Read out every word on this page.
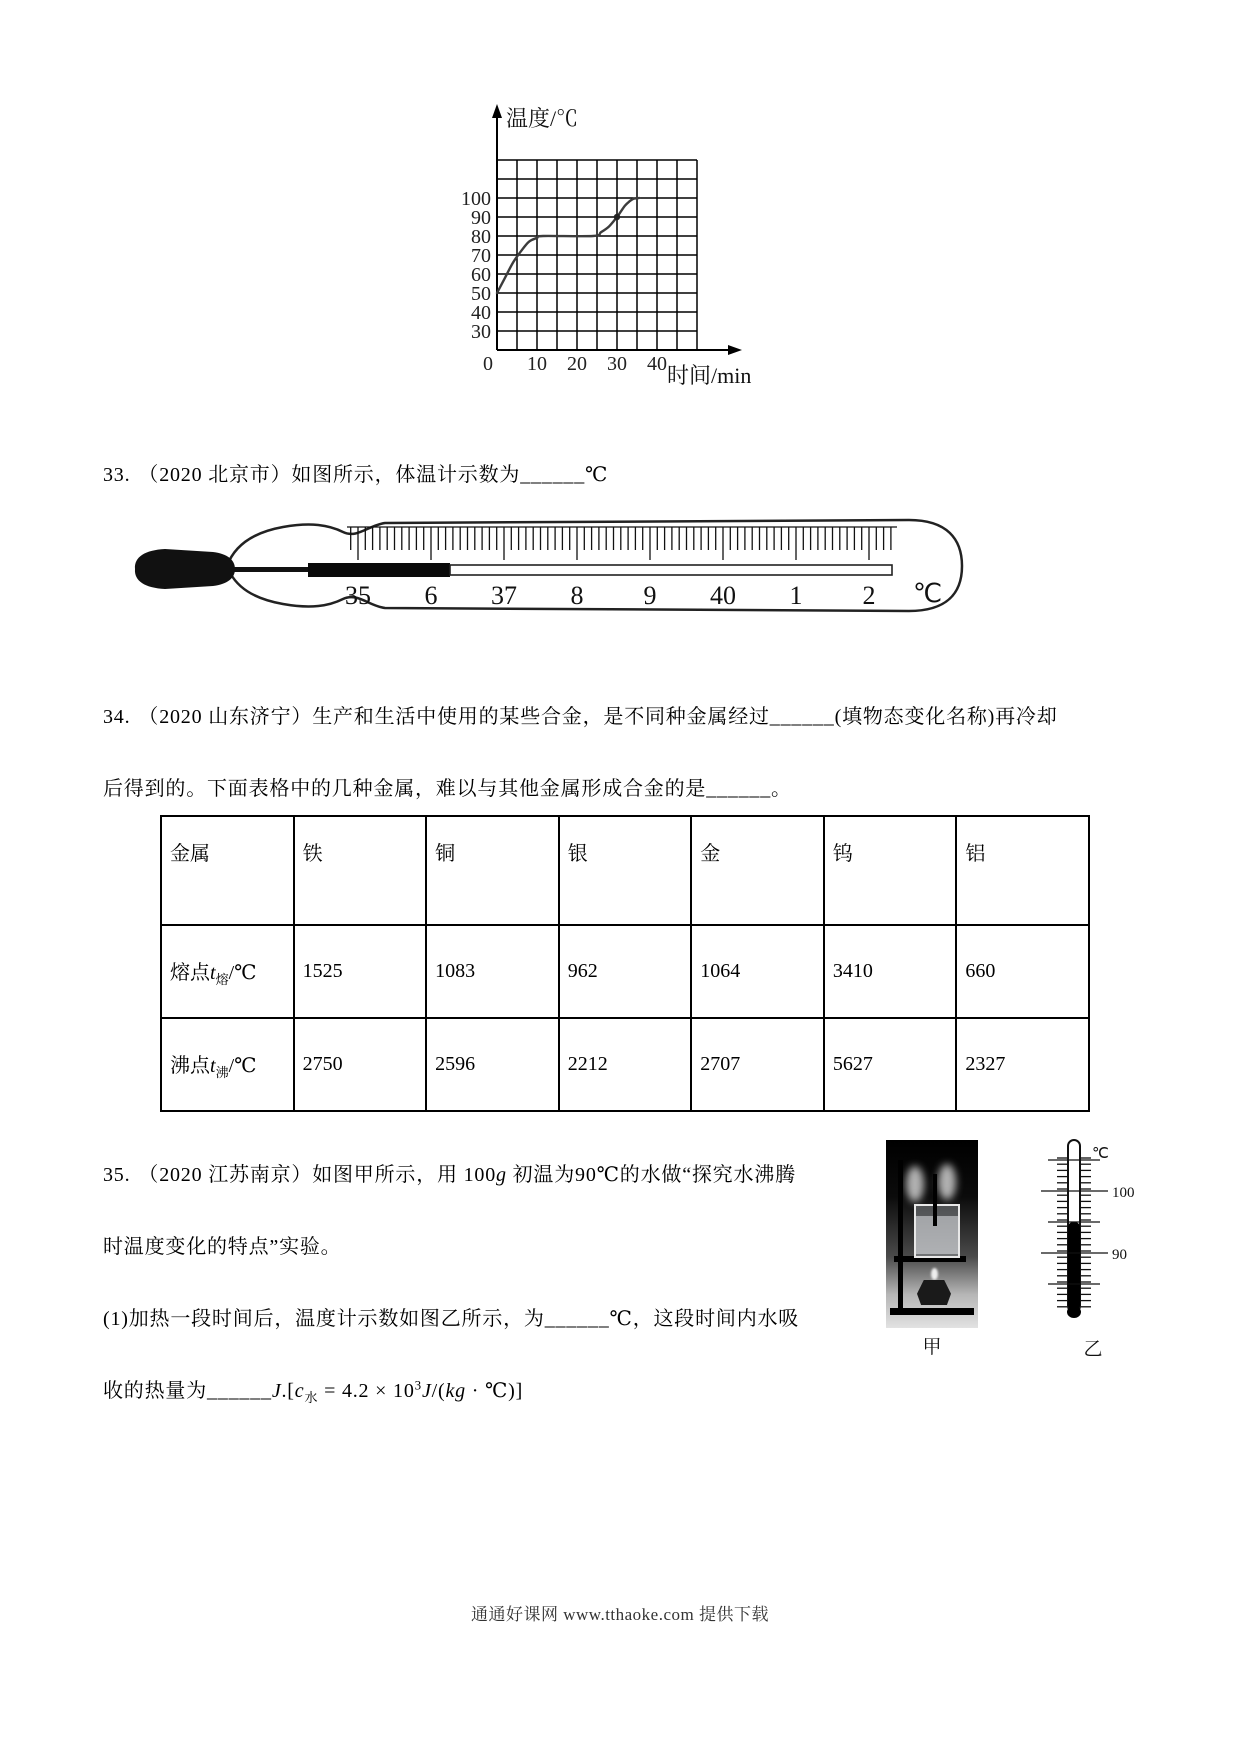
30
40
50
60
70
80
90
100
0 10 20 30 40
温度/℃
时间/min
33. （2020 北京市）如图所示，体温计示数为______℃
35 6 37 8 9 40 1 2 ℃
34. （2020 山东济宁）生产和生活中使用的某些合金，是不同种金属经过______(填物态变化名称)再冷却
后得到的。下面表格中的几种金属，难以与其他金属形成合金的是______。
金属	铁	铜	银	金	钨	铝
熔点$t_熔/℃$	1525	1083	962	1064	3410	660
沸点$t_沸/℃$	2750	2596	2212	2707	5627	2327
35. （2020 江苏南京）如图甲所示，用 100g 初温为90℃的水做“探究水沸腾
时温度变化的特点”实验。
(1)加热一段时间后，温度计示数如图乙所示，为______℃，这段时间内水吸
收的热量为$\_\_\_\_\_\_J.[c_水 = 4.2 \times 10^3J/(kg$ · ℃)]
甲
100
90
℃
乙
通通好课网 www.tthaoke.com 提供下载
